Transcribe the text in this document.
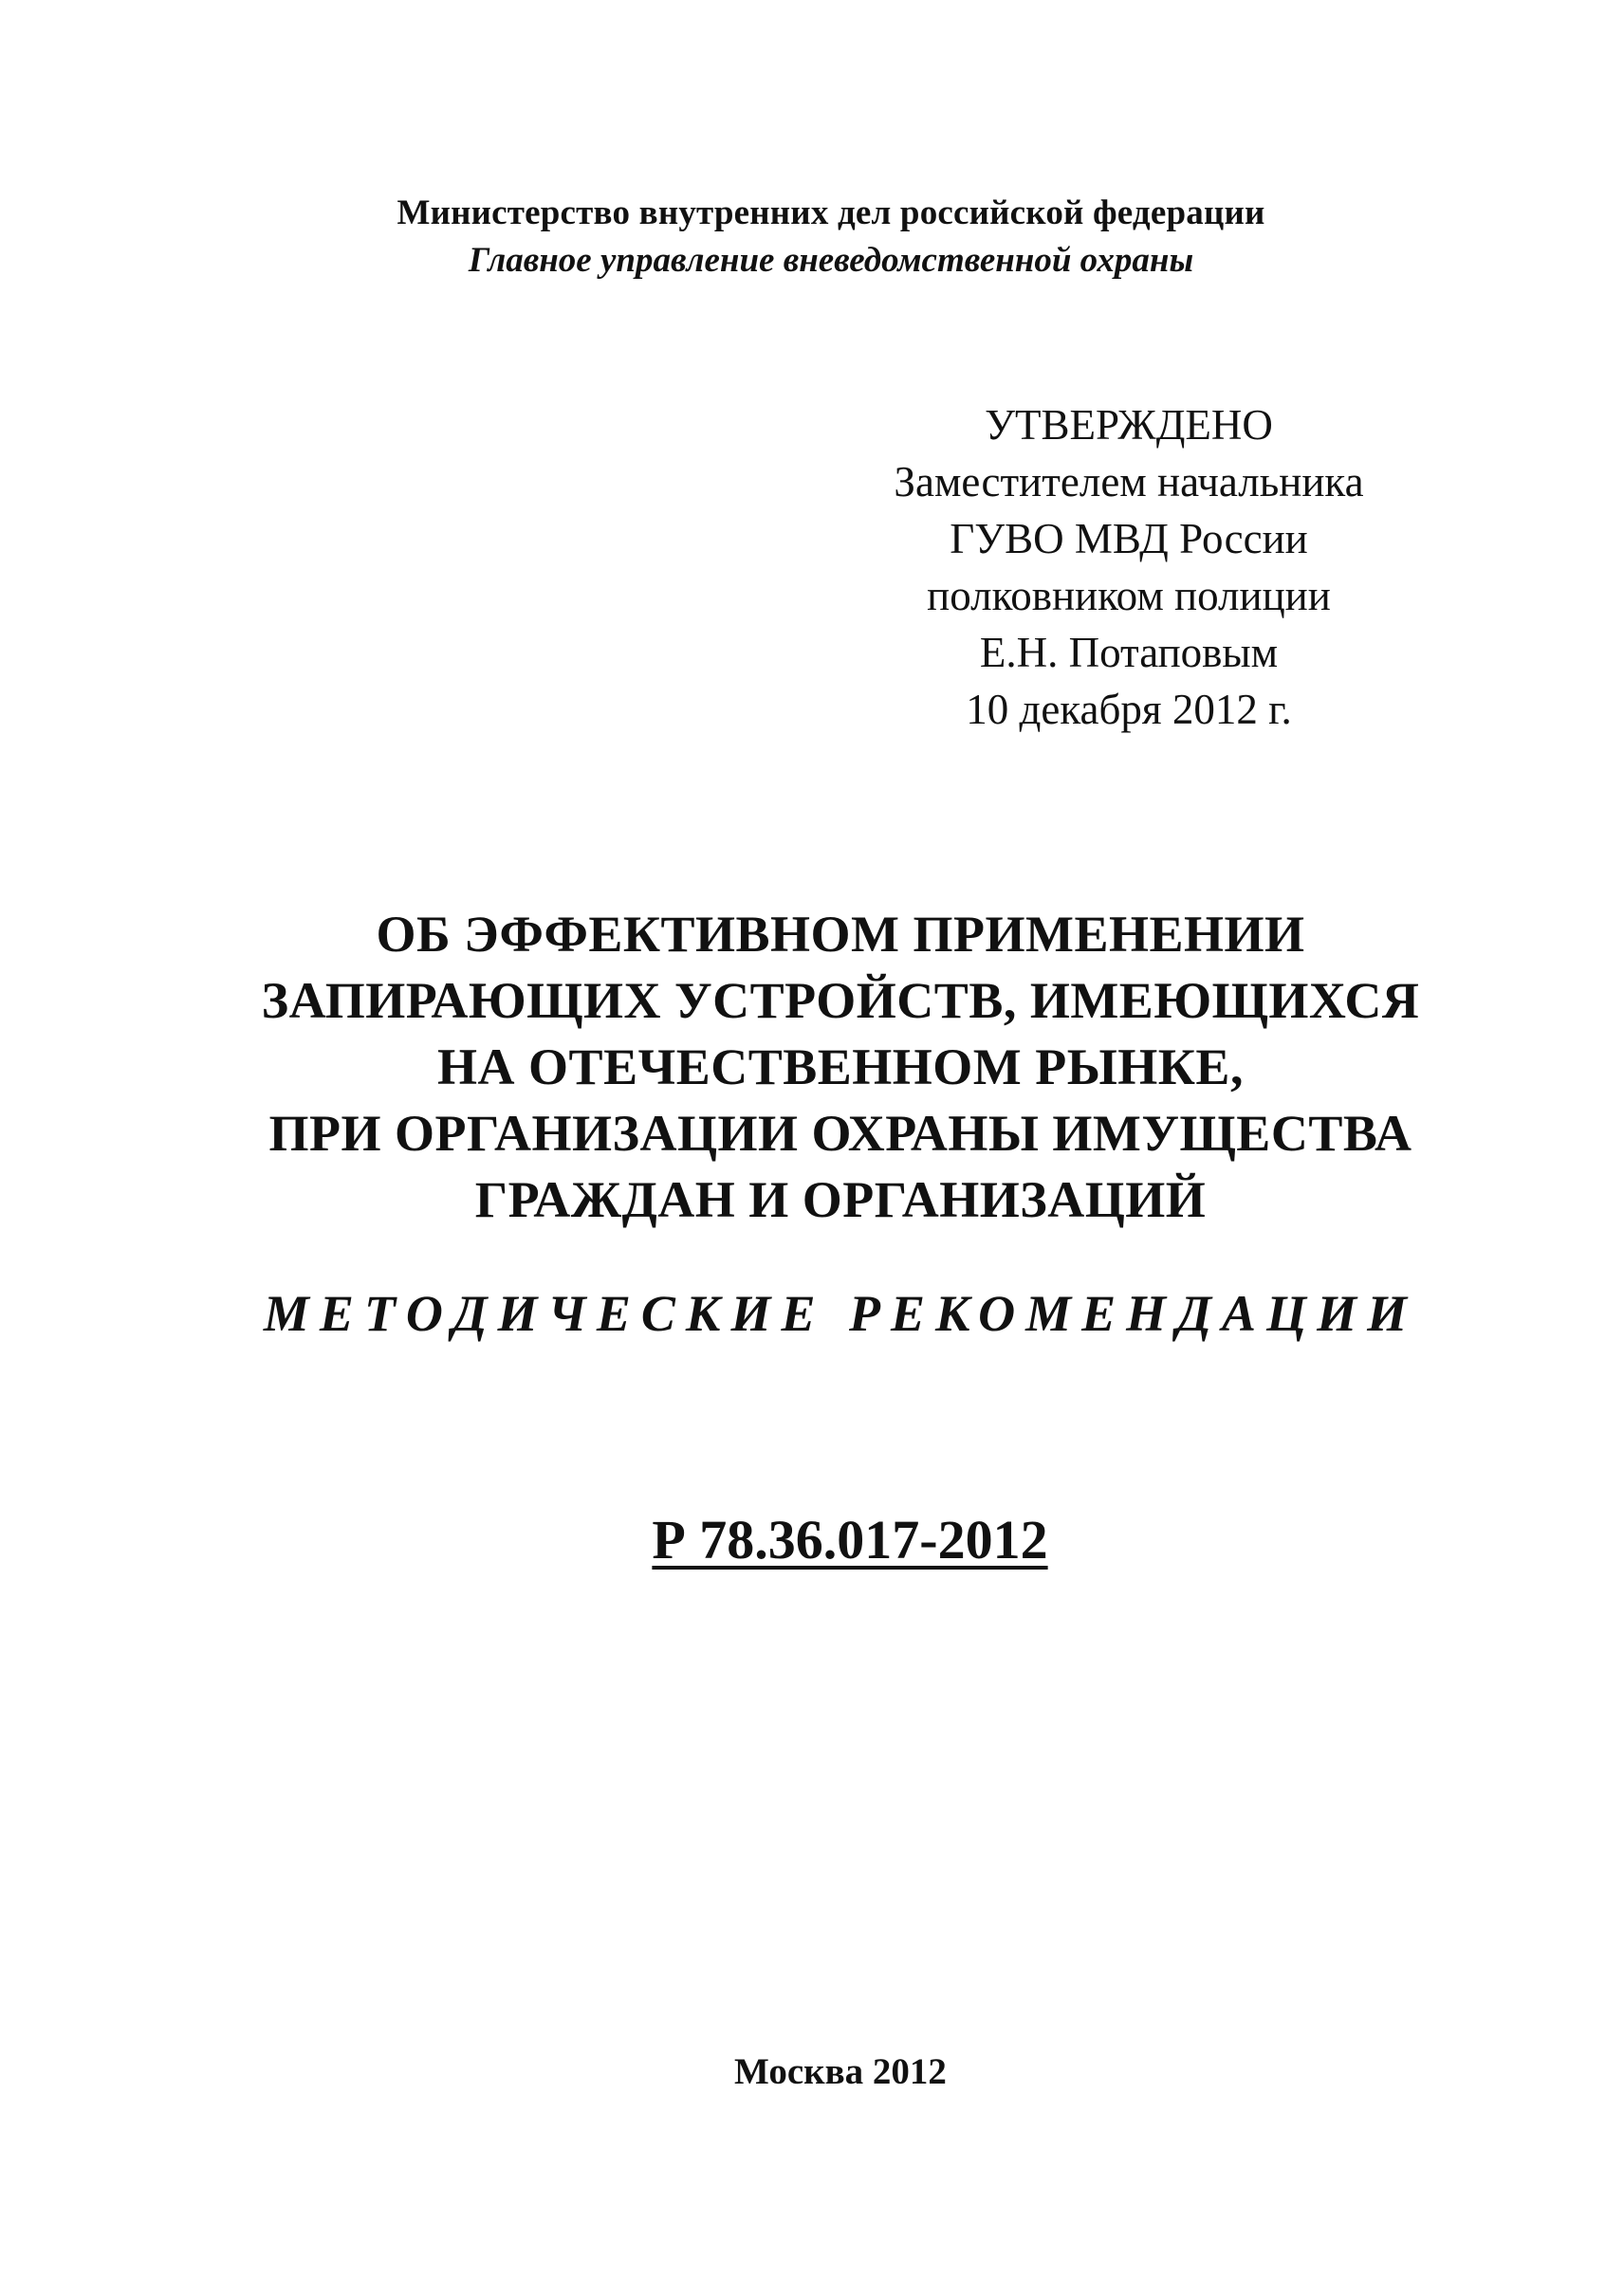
Министерство внутренних дел российской федерации
Главное управление вневедомственной охраны
УТВЕРЖДЕНО
Заместителем начальника
ГУВО МВД России
полковником полиции
Е.Н. Потаповым
10 декабря 2012 г.
ОБ ЭФФЕКТИВНОМ ПРИМЕНЕНИИ
ЗАПИРАЮЩИХ УСТРОЙСТВ, ИМЕЮЩИХСЯ
НА ОТЕЧЕСТВЕННОМ РЫНКЕ,
ПРИ ОРГАНИЗАЦИИ ОХРАНЫ ИМУЩЕСТВА
ГРАЖДАН И ОРГАНИЗАЦИЙ
МЕТОДИЧЕСКИЕ РЕКОМЕНДАЦИИ
Р 78.36.017-2012
Москва 2012
